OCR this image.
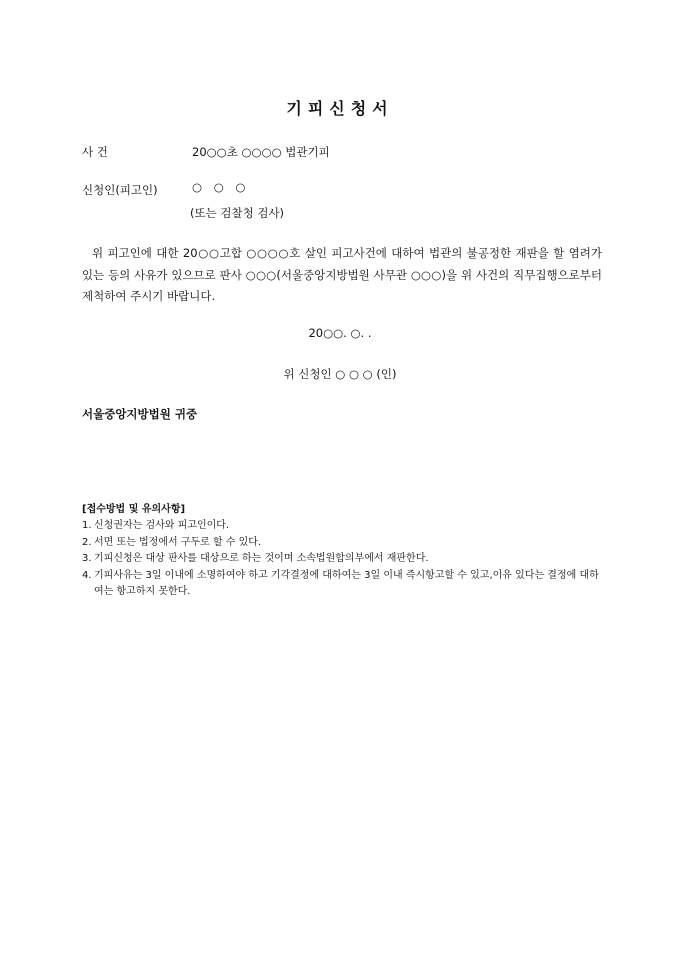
기피신청서
사 건	20○○초 ○○○○ 법관기피
신청인(피고인)	○ ○ ○
(또는 검찰청 검사)

위 피고인에 대한 20○○고합 ○○○○호 살인 피고사건에 대하여 법관의 불공정한 재판을 할 염려가 있는 등의 사유가 있으므로 판사 ○○○(서울중앙지방법원 사무관 ○○○)을 위 사건의 직무집행으로부터 제척하여 주시기 바랍니다.

20○○. ○. .
위 신청인 ○ ○ ○ (인)
서울중앙지방법원 귀중
[접수방법 및 유의사항]
1. 신청권자는 검사와 피고인이다.
2. 서면 또는 법정에서 구두로 할 수 있다.
3. 기피신청은 대상 판사를 대상으로 하는 것이며 소속법원합의부에서 재판한다.
4. 기피사유는 3일 이내에 소명하여야 하고 기각결정에 대하여는 3일 이내 즉시항고할 수 있고,이유 있다는 결정에 대하여는 항고하지 못한다.
